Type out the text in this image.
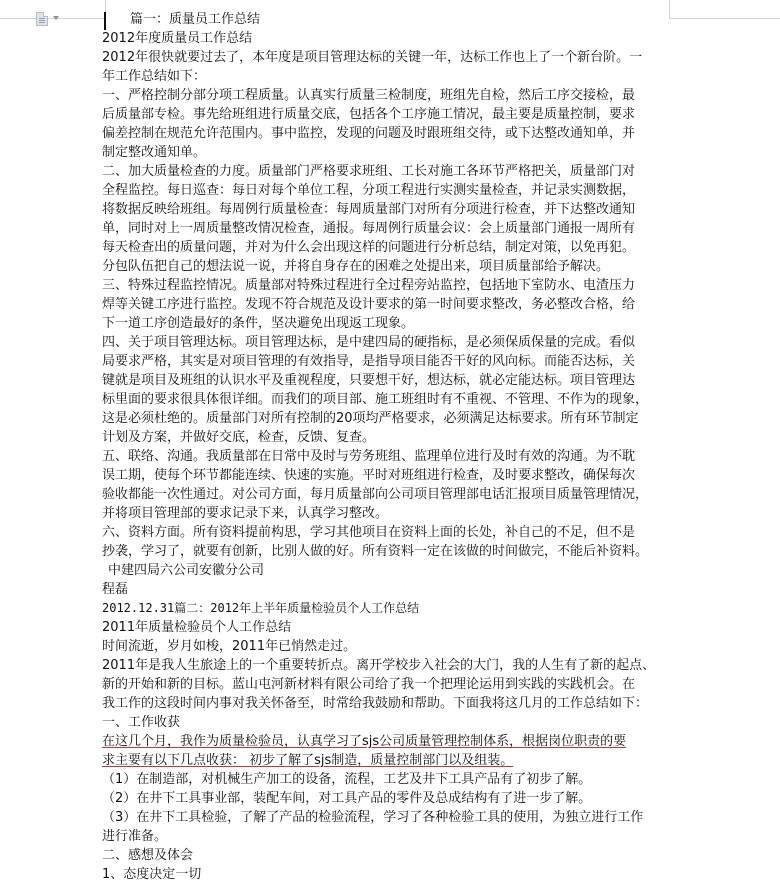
篇一：质量员工作总结
2012年度质量员工作总结
2012年很快就要过去了，本年度是项目管理达标的关键一年，达标工作也上了一个新台阶。一
年工作总结如下：
一、严格控制分部分项工程质量。认真实行质量三检制度，班组先自检，然后工序交接检，最
后质量部专检。事先给班组进行质量交底，包括各个工序施工情况，最主要是质量控制，要求
偏差控制在规范允许范围内。事中监控，发现的问题及时跟班组交待，或下达整改通知单，并
制定整改通知单。
二、加大质量检查的力度。质量部门严格要求班组、工长对施工各环节严格把关，质量部门对
全程监控。每日巡查：每日对每个单位工程，分项工程进行实测实量检查，并记录实测数据，
将数据反映给班组。每周例行质量检查：每周质量部门对所有分项进行检查，并下达整改通知
单，同时对上一周质量整改情况检查，通报。每周例行质量会议：会上质量部门通报一周所有
每天检查出的质量问题，并对为什么会出现这样的问题进行分析总结，制定对策，以免再犯。
分包队伍把自己的想法说一说，并将自身存在的困难之处提出来，项目质量部给予解决。
三、特殊过程监控情况。质量部对特殊过程进行全过程旁站监控，包括地下室防水、电渣压力
焊等关键工序进行监控。发现不符合规范及设计要求的第一时间要求整改，务必整改合格，给
下一道工序创造最好的条件，坚决避免出现返工现象。
四、关于项目管理达标。项目管理达标，是中建四局的硬指标，是必须保质保量的完成。看似
局要求严格，其实是对项目管理的有效指导，是指导项目能否干好的风向标。而能否达标，关
键就是项目及班组的认识水平及重视程度，只要想干好，想达标，就必定能达标。项目管理达
标里面的要求很具体很详细。而我们的项目部、施工班组时有不重视、不管理、不作为的现象，
这是必须杜绝的。质量部门对所有控制的20项均严格要求，必须满足达标要求。所有环节制定
计划及方案，并做好交底，检查，反馈、复查。
五、联络、沟通。我质量部在日常中及时与劳务班组、监理单位进行及时有效的沟通。为不耽
误工期，使每个环节都能连续、快速的实施。平时对班组进行检查，及时要求整改，确保每次
验收都能一次性通过。对公司方面，每月质量部向公司项目管理部电话汇报项目质量管理情况，
并将项目管理部的要求记录下来，认真学习整改。
六、资料方面。所有资料提前构思，学习其他项目在资料上面的长处，补自己的不足，但不是
抄袭，学习了，就要有创新，比别人做的好。所有资料一定在该做的时间做完，不能后补资料。
中建四局六公司安徽分公司
程磊
2012.12.31篇二：2012年上半年质量检验员个人工作总结
2011年质量检验员个人工作总结
时间流逝，岁月如梭，2011年已悄然走过。
2011年是我人生旅途上的一个重要转折点。离开学校步入社会的大门，我的人生有了新的起点、
新的开始和新的目标。蓝山屯河新材料有限公司给了我一个把理论运用到实践的实践机会。在
我工作的这段时间内事对我关怀备至，时常给我鼓励和帮助。下面我将这几月的工作总结如下：
一、工作收获
在这几个月，我作为质量检验员，认真学习了sjs公司质量管理控制体系，根据岗位职责的要
求主要有以下几点收获： 初步了解了sjs制造，质量控制部门以及组装。
（1）在制造部，对机械生产加工的设备，流程，工艺及井下工具产品有了初步了解。
（2）在井下工具事业部，装配车间，对工具产品的零件及总成结构有了进一步了解。
（3）在井下工具检验，了解了产品的检验流程，学习了各种检验工具的使用，为独立进行工作
进行准备。
二、感想及体会
1、态度决定一切
